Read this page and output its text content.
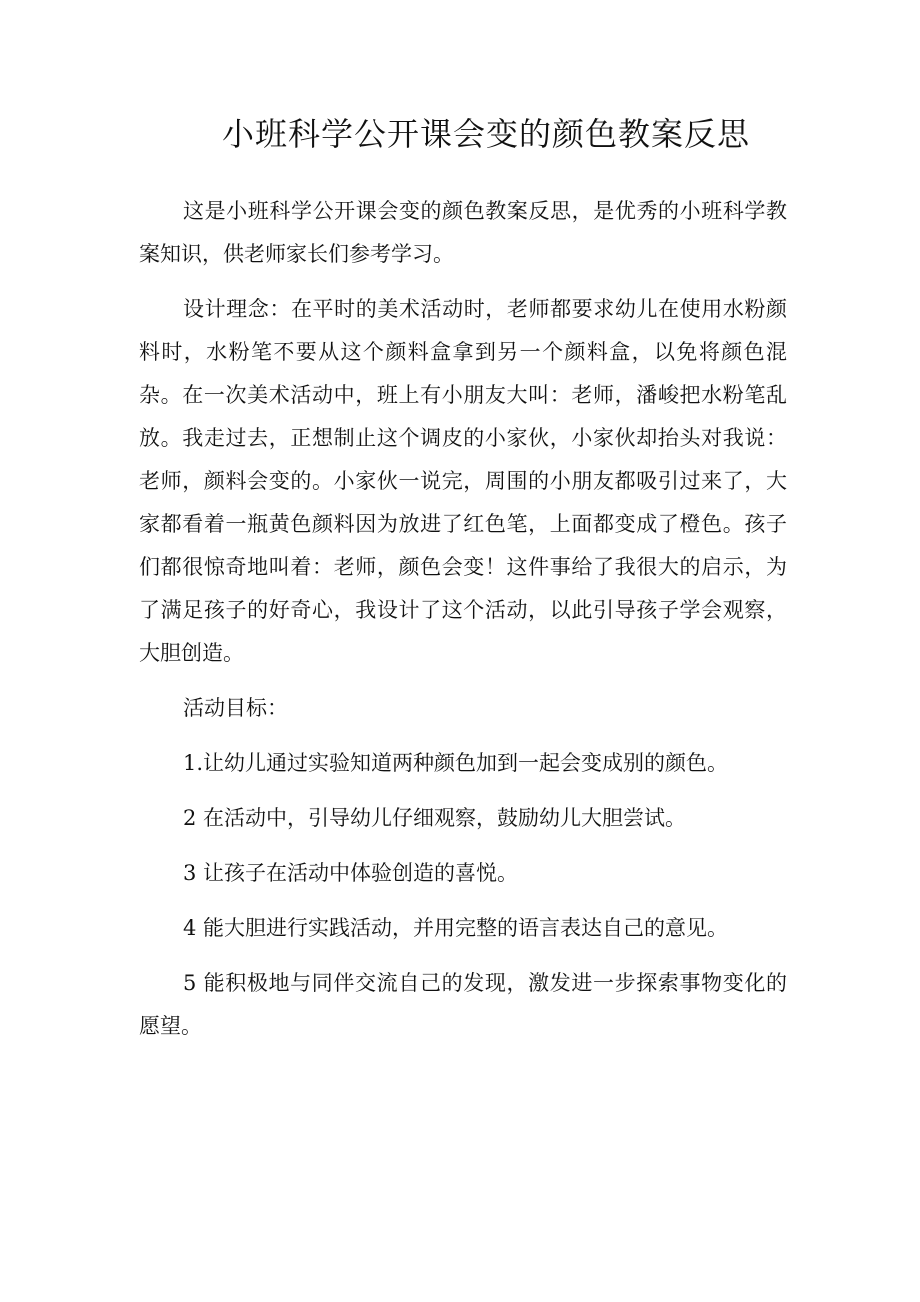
小班科学公开课会变的颜色教案反思

这是小班科学公开课会变的颜色教案反思，是优秀的小班科学教案知识，供老师家长们参考学习。

设计理念：在平时的美术活动时，老师都要求幼儿在使用水粉颜料时，水粉笔不要从这个颜料盒拿到另一个颜料盒，以免将颜色混杂。在一次美术活动中，班上有小朋友大叫：老师，潘峻把水粉笔乱放。我走过去，正想制止这个调皮的小家伙，小家伙却抬头对我说：老师，颜料会变的。小家伙一说完，周围的小朋友都吸引过来了，大家都看着一瓶黄色颜料因为放进了红色笔，上面都变成了橙色。孩子们都很惊奇地叫着：老师，颜色会变！这件事给了我很大的启示，为了满足孩子的好奇心，我设计了这个活动，以此引导孩子学会观察，大胆创造。

活动目标：

1.让幼儿通过实验知道两种颜色加到一起会变成别的颜色。

2 在活动中，引导幼儿仔细观察，鼓励幼儿大胆尝试。

3 让孩子在活动中体验创造的喜悦。

4 能大胆进行实践活动，并用完整的语言表达自己的意见。

5 能积极地与同伴交流自己的发现，激发进一步探索事物变化的愿望。
